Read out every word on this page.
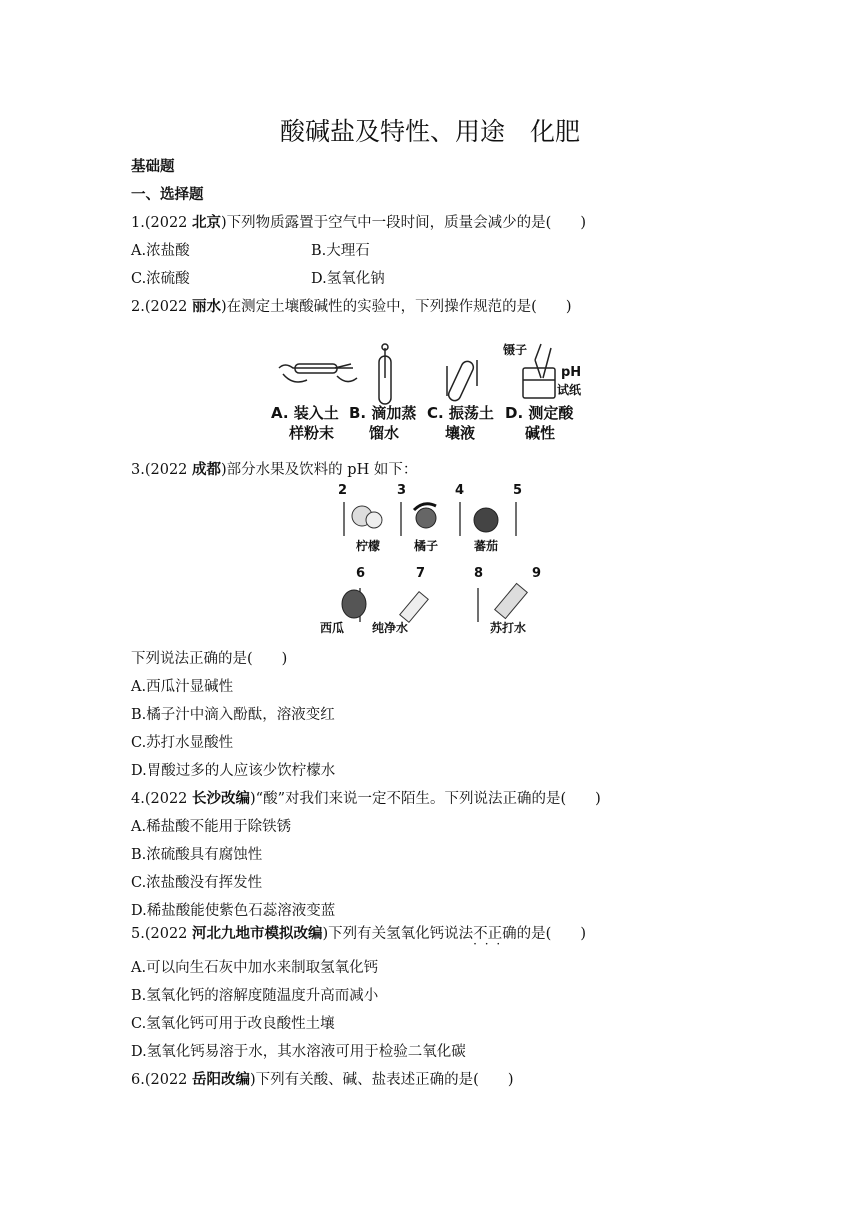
酸碱盐及特性、用途　化肥
基础题
一、选择题
1.(2022 北京)下列物质露置于空气中一段时间，质量会减少的是(　　)
A.浓盐酸	B.大理石
C.浓硫酸	D.氢氧化钠
2.(2022 丽水)在测定土壤酸碱性的实验中，下列操作规范的是(　　)
镊子
pH
试纸
A. 装入土
样粉末
B. 滴加蒸
馏水
C. 振荡土
壤液
D. 测定酸
碱性
3.(2022 成都)部分水果及饮料的 pH 如下：
2	3	4	5
6	7	8	9
柠檬	橘子	蕃茄
西瓜 纯净水	苏打水
下列说法正确的是(　　)
A.西瓜汁显碱性
B.橘子汁中滴入酚酞，溶液变红
C.苏打水显酸性
D.胃酸过多的人应该少饮柠檬水
4.(2022 长沙改编)“酸”对我们来说一定不陌生。下列说法正确的是(　　)
A.稀盐酸不能用于除铁锈
B.浓硫酸具有腐蚀性
C.浓盐酸没有挥发性
D.稀盐酸能使紫色石蕊溶液变蓝
5.(2022 河北九地市模拟改编)下列有关氢氧化钙说法不正确 · · ·的是(　　)
A.可以向生石灰中加水来制取氢氧化钙
B.氢氧化钙的溶解度随温度升高而减小
C.氢氧化钙可用于改良酸性土壤
D.氢氧化钙易溶于水，其水溶液可用于检验二氧化碳
6.(2022 岳阳改编)下列有关酸、碱、盐表述正确的是(　　)
